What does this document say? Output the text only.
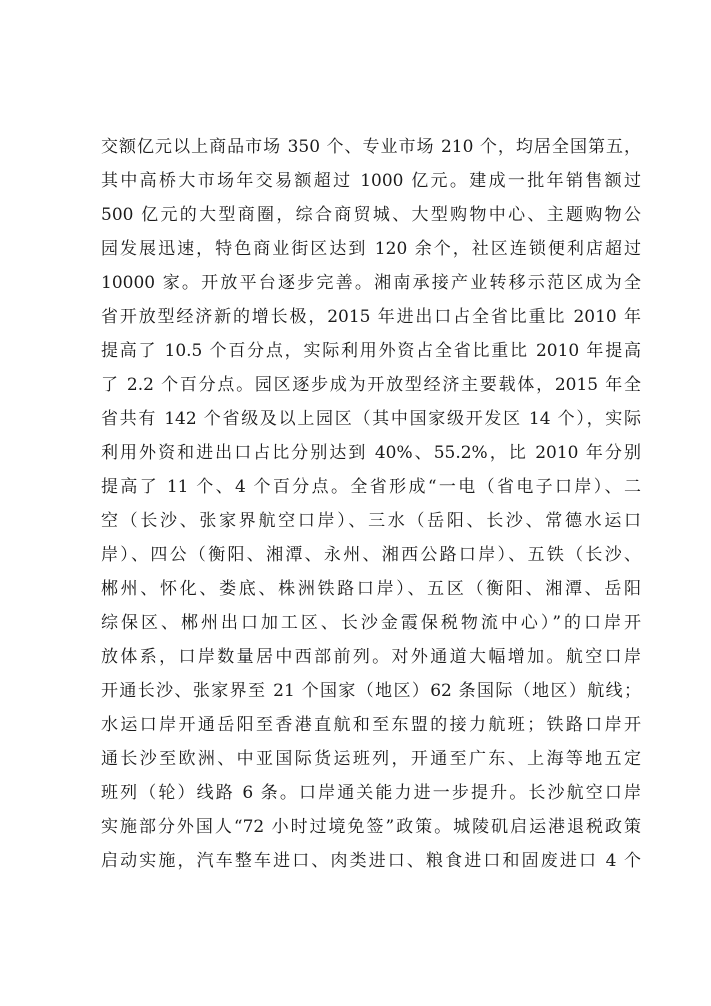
交额亿元以上商品市场 350 个、专业市场 210 个，均居全国第五，
其中高桥大市场年交易额超过 1000 亿元。建成一批年销售额过
500 亿元的大型商圈，综合商贸城、大型购物中心、主题购物公
园发展迅速，特色商业街区达到 120 余个，社区连锁便利店超过
10000 家。开放平台逐步完善。湘南承接产业转移示范区成为全
省开放型经济新的增长极，2015 年进出口占全省比重比 2010 年
提高了 10.5 个百分点，实际利用外资占全省比重比 2010 年提高
了 2.2 个百分点。园区逐步成为开放型经济主要载体，2015 年全
省共有 142 个省级及以上园区（其中国家级开发区 14 个），实际
利用外资和进出口占比分别达到 40%、55.2%，比 2010 年分别
提高了 11 个、4 个百分点。全省形成“一电（省电子口岸）、二
空（长沙、张家界航空口岸）、三水（岳阳、长沙、常德水运口
岸）、四公（衡阳、湘潭、永州、湘西公路口岸）、五铁（长沙、
郴州、怀化、娄底、株洲铁路口岸）、五区（衡阳、湘潭、岳阳
综保区、郴州出口加工区、长沙金霞保税物流中心）”的口岸开
放体系，口岸数量居中西部前列。对外通道大幅增加。航空口岸
开通长沙、张家界至 21 个国家（地区）62 条国际（地区）航线；
水运口岸开通岳阳至香港直航和至东盟的接力航班；铁路口岸开
通长沙至欧洲、中亚国际货运班列，开通至广东、上海等地五定
班列（轮）线路 6 条。口岸通关能力进一步提升。长沙航空口岸
实施部分外国人“72 小时过境免签”政策。城陵矶启运港退税政策
启动实施，汽车整车进口、肉类进口、粮食进口和固废进口 4 个
